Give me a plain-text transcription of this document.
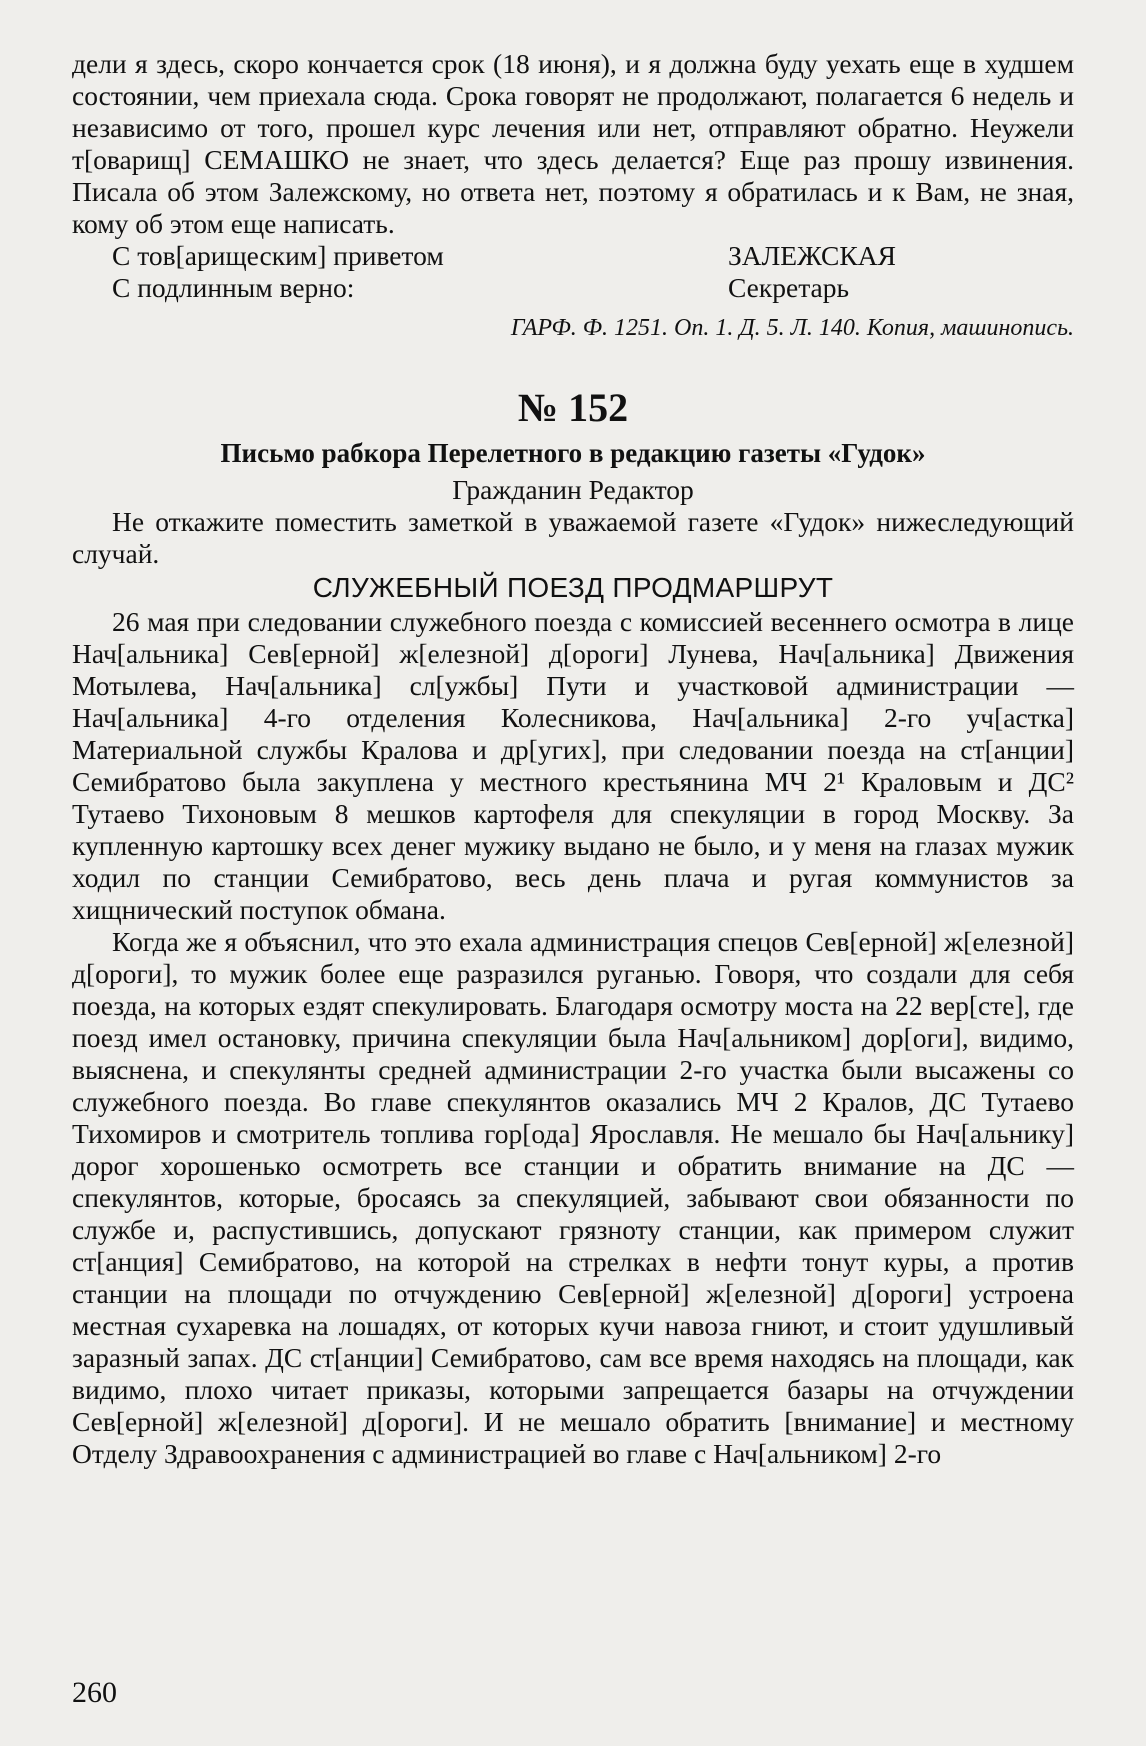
дели я здесь, скоро кончается срок (18 июня), и я должна буду уехать еще в худшем состоянии, чем приехала сюда. Срока говорят не продолжают, полагается 6 недель и независимо от того, прошел курс лечения или нет, отправляют обратно. Неужели т[оварищ] СЕМАШКО не знает, что здесь делается? Еще раз прошу извинения. Писала об этом Залежскому, но ответа нет, поэтому я обратилась и к Вам, не зная, кому об этом еще написать.

С тов[арищеским] приветом	ЗАЛЕЖСКАЯ
С подлинным верно:	Секретарь

ГАРФ. Ф. 1251. Оп. 1. Д. 5. Л. 140. Копия, машинопись.

№ 152

Письмо рабкора Перелетного в редакцию газеты «Гудок»

Гражданин Редактор

Не откажите поместить заметкой в уважаемой газете «Гудок» нижеследующий случай.

СЛУЖЕБНЫЙ ПОЕЗД ПРОДМАРШРУТ

26 мая при следовании служебного поезда с комиссией весеннего осмотра в лице Нач[альника] Сев[ерной] ж[елезной] д[ороги] Лунева, Нач[альника] Движения Мотылева, Нач[альника] сл[ужбы] Пути и участковой администрации — Нач[альника] 4-го отделения Колесникова, Нач[альника] 2-го уч[астка] Материальной службы Кралова и др[угих], при следовании поезда на ст[анции] Семибратово была закуплена у местного крестьянина МЧ 2¹ Краловым и ДС² Тутаево Тихоновым 8 мешков картофеля для спекуляции в город Москву. За купленную картошку всех денег мужику выдано не было, и у меня на глазах мужик ходил по станции Семибратово, весь день плача и ругая коммунистов за хищнический поступок обмана.

Когда же я объяснил, что это ехала администрация спецов Сев[ерной] ж[елезной] д[ороги], то мужик более еще разразился руганью. Говоря, что создали для себя поезда, на которых ездят спекулировать. Благодаря осмотру моста на 22 вер[сте], где поезд имел остановку, причина спекуляции была Нач[альником] дор[оги], видимо, выяснена, и спекулянты средней администрации 2-го участка были высажены со служебного поезда. Во главе спекулянтов оказались МЧ 2 Кралов, ДС Тутаево Тихомиров и смотритель топлива гор[ода] Ярославля. Не мешало бы Нач[альнику] дорог хорошенько осмотреть все станции и обратить внимание на ДС — спекулянтов, которые, бросаясь за спекуляцией, забывают свои обязанности по службе и, распустившись, допускают грязноту станции, как примером служит ст[анция] Семибратово, на которой на стрелках в нефти тонут куры, а против станции на площади по отчуждению Сев[ерной] ж[елезной] д[ороги] устроена местная сухаревка на лошадях, от которых кучи навоза гниют, и стоит удушливый заразный запах. ДС ст[анции] Семибратово, сам все время находясь на площади, как видимо, плохо читает приказы, которыми запрещается базары на отчуждении Сев[ерной] ж[елезной] д[ороги]. И не мешало обратить [внимание] и местному Отделу Здравоохранения с администрацией во главе с Нач[альником] 2-го

260
